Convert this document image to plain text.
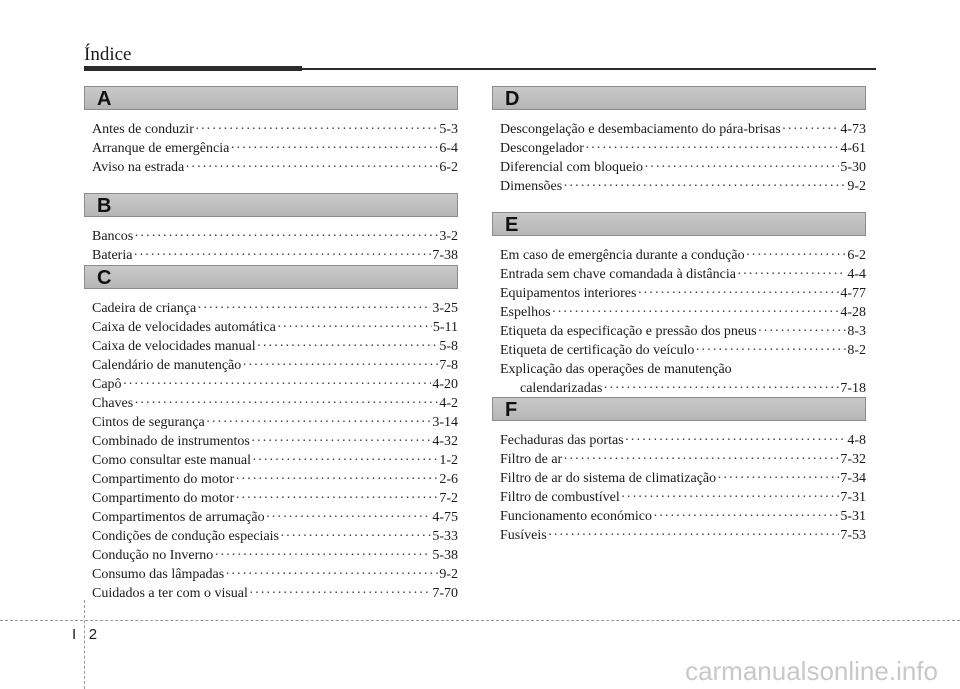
Índice
A
Antes de conduzir ·····	5-3
Arranque de emergência ·····	6-4
Aviso na estrada ·····	6-2
B
Bancos ·····	3-2
Bateria ·····	7-38
C
Cadeira de criança ·····	3-25
Caixa de velocidades automática ·····	5-11
Caixa de velocidades manual ·····	5-8
Calendário de manutenção ·····	7-8
Capô ·····	4-20
Chaves ·····	4-2
Cintos de segurança ·····	3-14
Combinado de instrumentos ·····	4-32
Como consultar este manual ·····	1-2
Compartimento do motor ·····	2-6
Compartimento do motor ·····	7-2
Compartimentos de arrumação ·····	4-75
Condições de condução especiais ·····	5-33
Condução no Inverno ·····	5-38
Consumo das lâmpadas ·····	9-2
Cuidados a ter com o visual ·····	7-70
D
Descongelação e desembaciamento do pára-brisas ·····	4-73
Descongelador ·····	4-61
Diferencial com bloqueio ·····	5-30
Dimensões ·····	9-2
E
Em caso de emergência durante a condução ·····	6-2
Entrada sem chave comandada à distância ·····	4-4
Equipamentos interiores ·····	4-77
Espelhos ·····	4-28
Etiqueta da especificação e pressão dos pneus ·····	8-3
Etiqueta de certificação do veículo ·····	8-2
Explicação das operações de manutenção
calendarizadas ·····	7-18
F
Fechaduras das portas ·····	4-8
Filtro de ar ·····	7-32
Filtro de ar do sistema de climatização ·····	7-34
Filtro de combustível ·····	7-31
Funcionamento económico ·····	5-31
Fusíveis ·····	7-53
I 2
carmanualsonline.info
